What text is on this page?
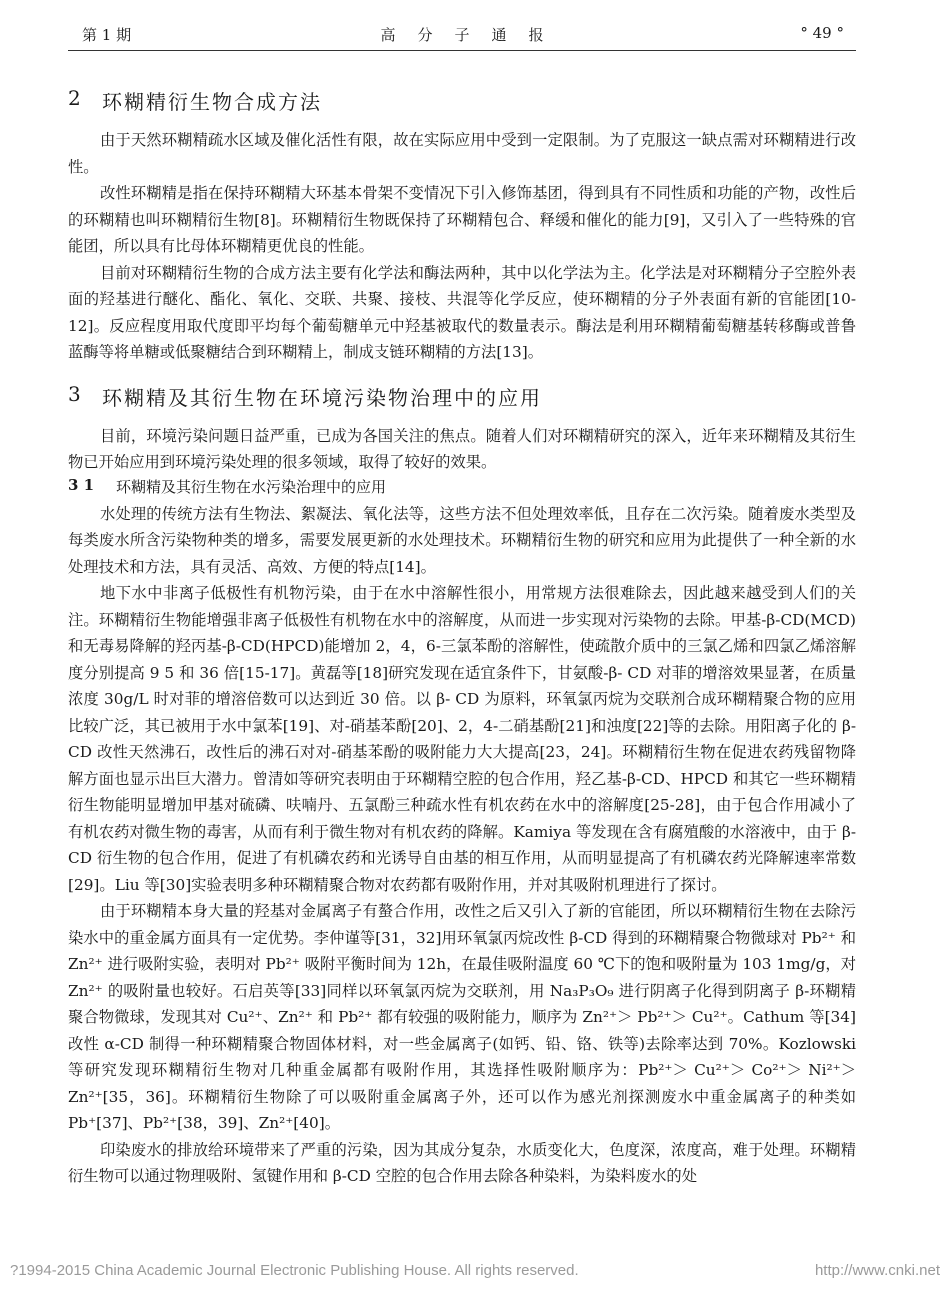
第 1 期	高分子通报	° 49 °
2 环糊精衍生物合成方法

由于天然环糊精疏水区域及催化活性有限，故在实际应用中受到一定限制。为了克服这一缺点需对环糊精进行改性。

改性环糊精是指在保持环糊精大环基本骨架不变情况下引入修饰基团，得到具有不同性质和功能的产物，改性后的环糊精也叫环糊精衍生物[8]。环糊精衍生物既保持了环糊精包合、释缓和催化的能力[9]，又引入了一些特殊的官能团，所以具有比母体环糊精更优良的性能。

目前对环糊精衍生物的合成方法主要有化学法和酶法两种，其中以化学法为主。化学法是对环糊精分子空腔外表面的羟基进行醚化、酯化、氧化、交联、共聚、接枝、共混等化学反应，使环糊精的分子外表面有新的官能团[10-12]。反应程度用取代度即平均每个葡萄糖单元中羟基被取代的数量表示。酶法是利用环糊精葡萄糖基转移酶或普鲁蓝酶等将单糖或低聚糖结合到环糊精上，制成支链环糊精的方法[13]。

3 环糊精及其衍生物在环境污染物治理中的应用

目前，环境污染问题日益严重，已成为各国关注的焦点。随着人们对环糊精研究的深入，近年来环糊精及其衍生物已开始应用到环境污染处理的很多领域，取得了较好的效果。

3 1	环糊精及其衍生物在水污染治理中的应用

水处理的传统方法有生物法、絮凝法、氧化法等，这些方法不但处理效率低，且存在二次污染。随着废水类型及每类废水所含污染物种类的增多，需要发展更新的水处理技术。环糊精衍生物的研究和应用为此提供了一种全新的水处理技术和方法，具有灵活、高效、方便的特点[14]。

地下水中非离子低极性有机物污染，由于在水中溶解性很小，用常规方法很难除去，因此越来越受到人们的关注。环糊精衍生物能增强非离子低极性有机物在水中的溶解度，从而进一步实现对污染物的去除。甲基-β-CD(MCD)和无毒易降解的羟丙基-β-CD(HPCD)能增加 2，4，6-三氯苯酚的溶解性，使疏散介质中的三氯乙烯和四氯乙烯溶解度分别提高 9 5 和 36 倍[15-17]。黄磊等[18]研究发现在适宜条件下，甘氨酸-β- CD 对菲的增溶效果显著，在质量浓度 30g/L 时对菲的增溶倍数可以达到近 30 倍。以 β- CD 为原料，环氧氯丙烷为交联剂合成环糊精聚合物的应用比较广泛，其已被用于水中氯苯[19]、对-硝基苯酚[20]、2，4-二硝基酚[21]和浊度[22]等的去除。用阳离子化的 β-CD 改性天然沸石，改性后的沸石对对-硝基苯酚的吸附能力大大提高[23，24]。环糊精衍生物在促进农药残留物降解方面也显示出巨大潜力。曾清如等研究表明由于环糊精空腔的包合作用，羟乙基-β-CD、HPCD 和其它一些环糊精衍生物能明显增加甲基对硫磷、呋喃丹、五氯酚三种疏水性有机农药在水中的溶解度[25-28]，由于包合作用减小了有机农药对微生物的毒害，从而有利于微生物对有机农药的降解。Kamiya 等发现在含有腐殖酸的水溶液中，由于 β-CD 衍生物的包合作用，促进了有机磷农药和光诱导自由基的相互作用，从而明显提高了有机磷农药光降解速率常数[29]。Liu 等[30]实验表明多种环糊精聚合物对农药都有吸附作用，并对其吸附机理进行了探讨。

由于环糊精本身大量的羟基对金属离子有螯合作用，改性之后又引入了新的官能团，所以环糊精衍生物在去除污染水中的重金属方面具有一定优势。李仲谨等[31，32]用环氧氯丙烷改性 β-CD 得到的环糊精聚合物微球对 Pb²⁺ 和 Zn²⁺ 进行吸附实验，表明对 Pb²⁺ 吸附平衡时间为 12h，在最佳吸附温度 60 ℃下的饱和吸附量为 103 1mg/g，对 Zn²⁺ 的吸附量也较好。石启英等[33]同样以环氧氯丙烷为交联剂，用 Na₃P₃O₉ 进行阴离子化得到阴离子 β-环糊精聚合物微球，发现其对 Cu²⁺、Zn²⁺ 和 Pb²⁺ 都有较强的吸附能力，顺序为 Zn²⁺＞ Pb²⁺＞ Cu²⁺。Cathum 等[34]改性 α-CD 制得一种环糊精聚合物固体材料，对一些金属离子(如钙、铅、铬、铁等)去除率达到 70%。Kozlowski 等研究发现环糊精衍生物对几种重金属都有吸附作用，其选择性吸附顺序为：Pb²⁺＞ Cu²⁺＞ Co²⁺＞ Ni²⁺＞ Zn²⁺[35，36]。环糊精衍生物除了可以吸附重金属离子外，还可以作为感光剂探测废水中重金属离子的种类如 Pb⁺[37]、Pb²⁺[38，39]、Zn²⁺[40]。

印染废水的排放给环境带来了严重的污染，因为其成分复杂，水质变化大，色度深，浓度高，难于处理。环糊精衍生物可以通过物理吸附、氢键作用和 β-CD 空腔的包合作用去除各种染料，为染料废水的处

?1994-2015 China Academic Journal Electronic Publishing House. All rights reserved.	http://www.cnki.net
